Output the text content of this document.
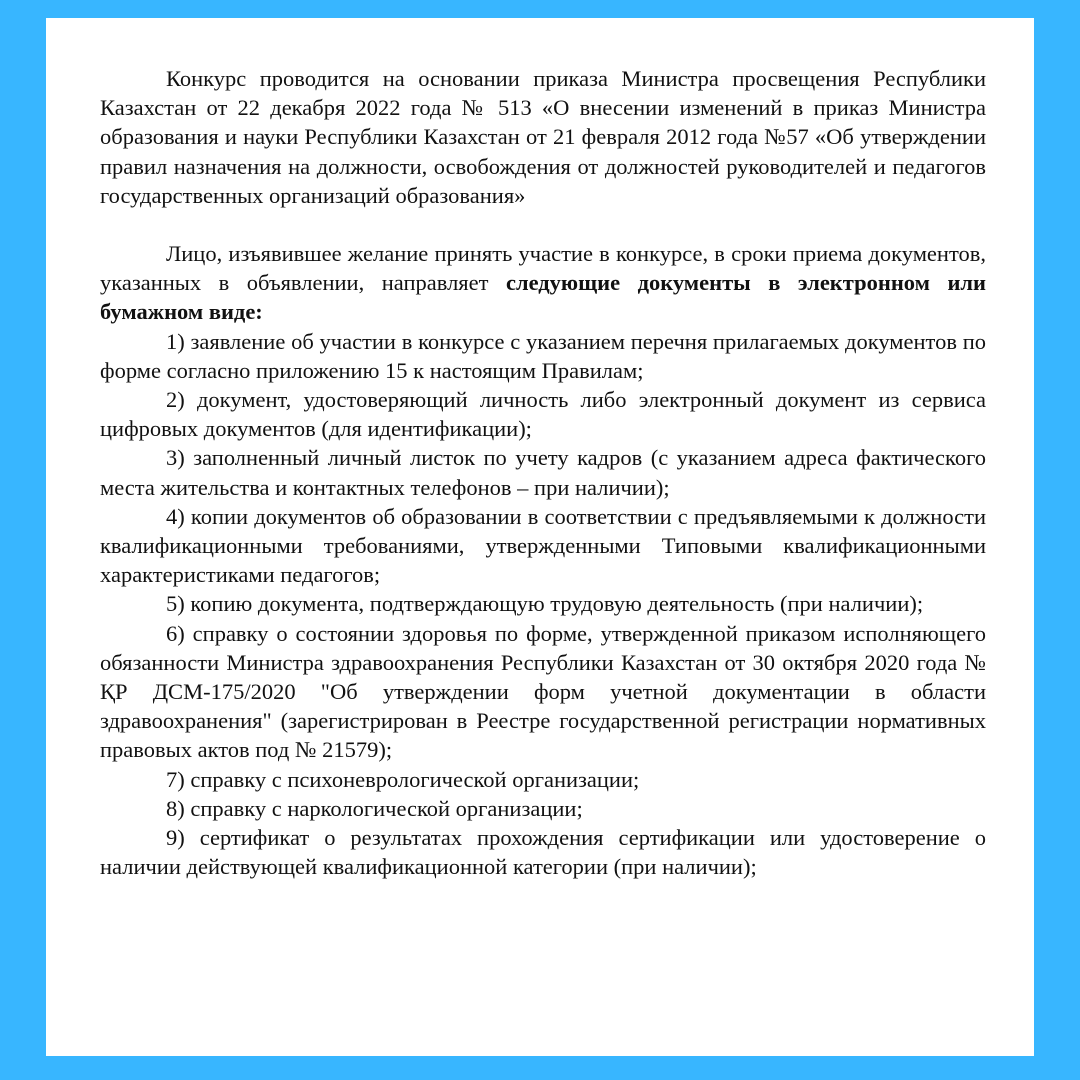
Конкурс проводится на основании приказа Министра просвещения Республики Казахстан от 22 декабря 2022 года № 513 «О внесении изменений в приказ Министра образования и науки Республики Казахстан от 21 февраля 2012 года №57 «Об утверждении правил назначения на должности, освобождения от должностей руководителей и педагогов государственных организаций образования»

Лицо, изъявившее желание принять участие в конкурсе, в сроки приема документов, указанных в объявлении, направляет следующие документы в электронном или бумажном виде:

1) заявление об участии в конкурсе с указанием перечня прилагаемых документов по форме согласно приложению 15 к настоящим Правилам;

2) документ, удостоверяющий личность либо электронный документ из сервиса цифровых документов (для идентификации);

3) заполненный личный листок по учету кадров (с указанием адреса фактического места жительства и контактных телефонов – при наличии);

4) копии документов об образовании в соответствии с предъявляемыми к должности квалификационными требованиями, утвержденными Типовыми квалификационными характеристиками педагогов;

5) копию документа, подтверждающую трудовую деятельность (при наличии);

6) справку о состоянии здоровья по форме, утвержденной приказом исполняющего обязанности Министра здравоохранения Республики Казахстан от 30 октября 2020 года № ҚР ДСМ-175/2020 "Об утверждении форм учетной документации в области здравоохранения" (зарегистрирован в Реестре государственной регистрации нормативных правовых актов под № 21579);

7) справку с психоневрологической организации;

8) справку с наркологической организации;

9) сертификат о результатах прохождения сертификации или удостоверение о наличии действующей квалификационной категории (при наличии);
